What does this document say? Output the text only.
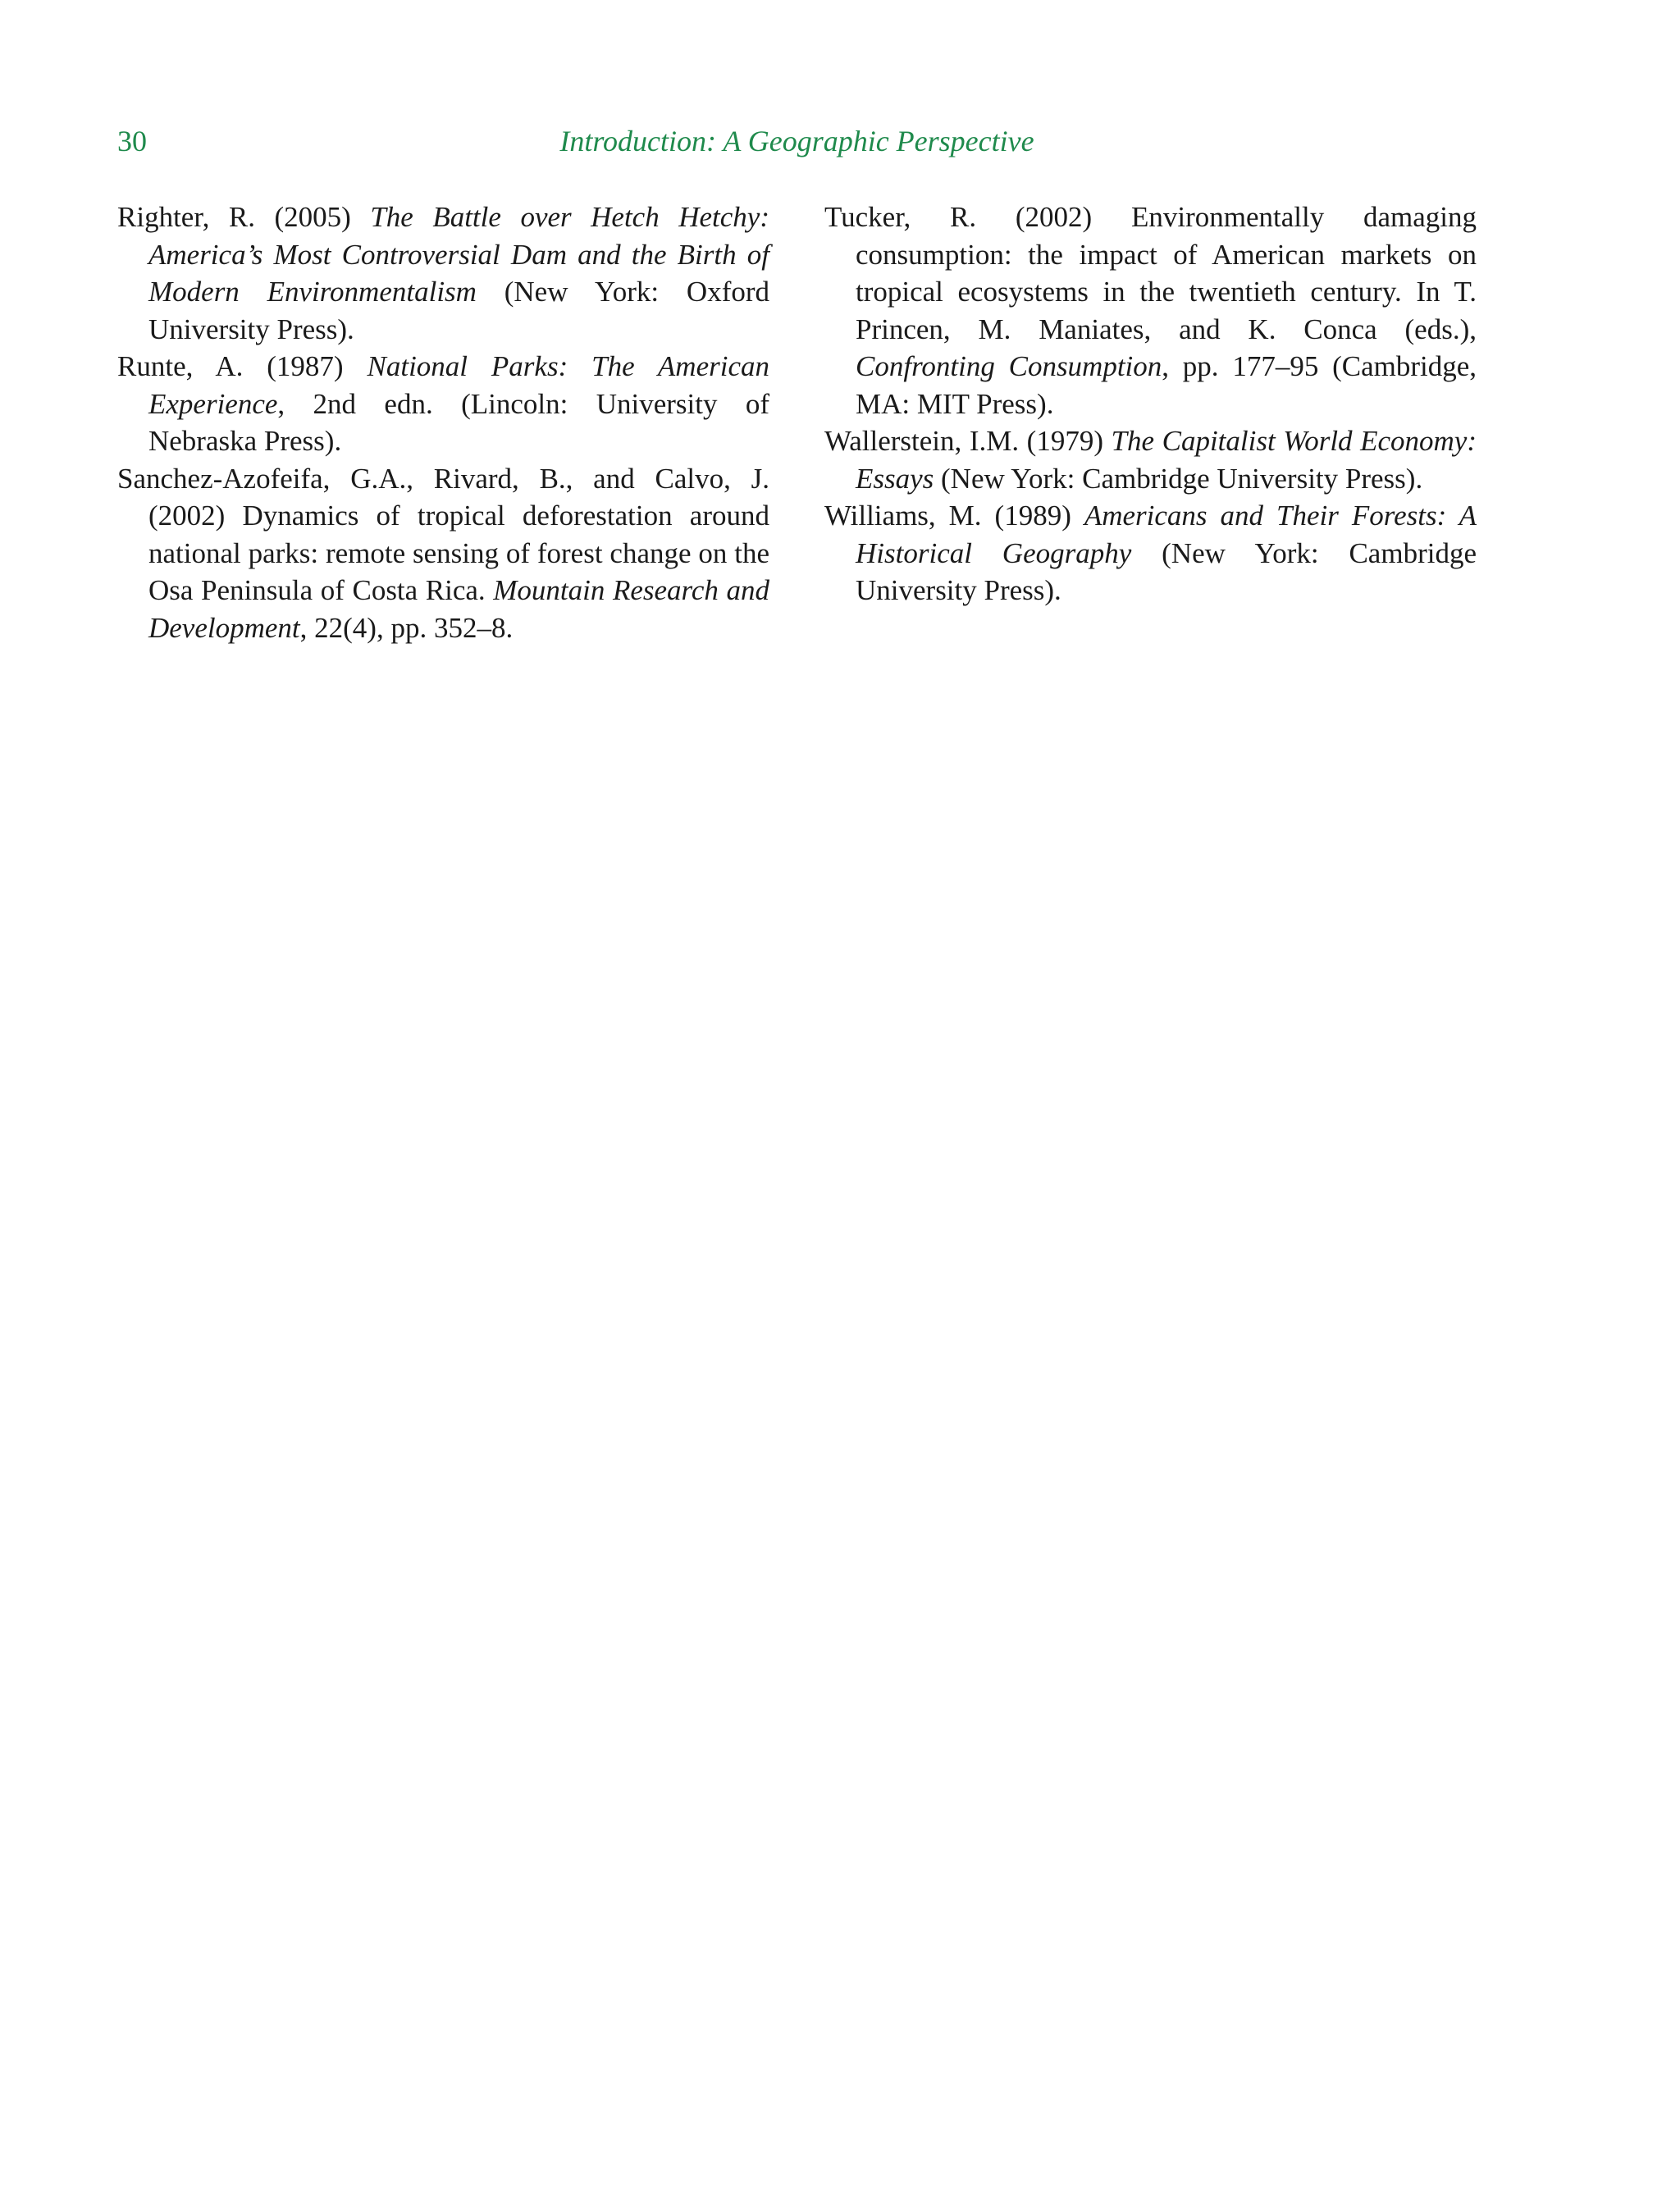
30	Introduction: A Geographic Perspective

Righter, R. (2005) The Battle over Hetch Hetchy: America’s Most Controversial Dam and the Birth of Modern Environmentalism (New York: Oxford University Press).

Runte, A. (1987) National Parks: The American Experience, 2nd edn. (Lincoln: University of Nebraska Press).

Sanchez-Azofeifa, G.A., Rivard, B., and Calvo, J. (2002) Dynamics of tropical deforestation around national parks: remote sensing of forest change on the Osa Peninsula of Costa Rica. Mountain Research and Development, 22(4), pp. 352–8.

Tucker, R. (2002) Environmentally damaging consumption: the impact of American markets on tropical ecosystems in the twentieth century. In T. Princen, M. Maniates, and K. Conca (eds.), Confronting Consumption, pp. 177–95 (Cambridge, MA: MIT Press).

Wallerstein, I.M. (1979) The Capitalist World Economy: Essays (New York: Cambridge University Press).

Williams, M. (1989) Americans and Their Forests: A Historical Geography (New York: Cambridge University Press).
